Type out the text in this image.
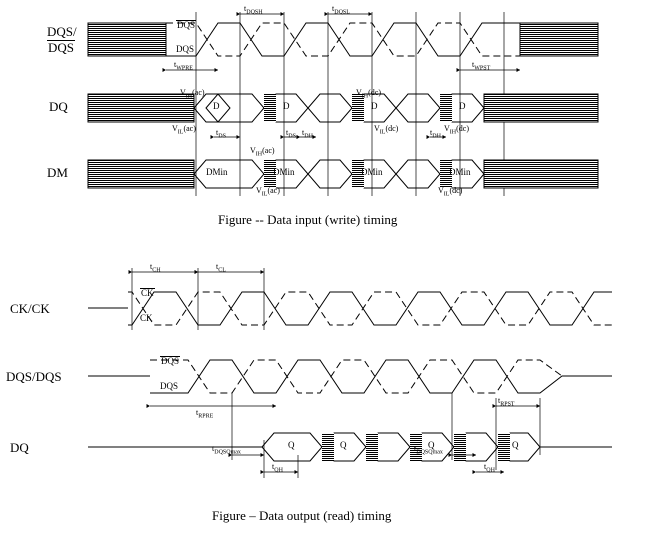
DQS/
DQS
DQ
DM
DQS
DQS
$t_{DQSH}$	$t_{DQSL}$
$t_{WPRE}$	$t_{WPST}$
$t_{DS}$	$t_{DS}$ $t_{DH}$	$t_{DH}$
$V_{IH}(ac)$
$V_{IL}(ac)$
$V_{IH}(dc)$
$V_{IL}(dc)$	$V_{IH}(dc)$
$V_{IH}(ac)$
$V_{IL}(ac)$	$V_{IL}(dc)$
D	D	D	D
DMin	DMin	DMin	DMin
Figure -- Data input (write) timing
CK/CK
DQS/DQS
DQ
CK
CK
DQS
DQS
$t_{CH}$	$t_{CL}$
$t_{RPRE}$
$t_{RPST}$
$t_{DQSQmax}$	$t_{DQSQmax}$
$t_{QH}$	$t_{QH}$
Q	Q	Q	Q
Figure – Data output (read) timing
